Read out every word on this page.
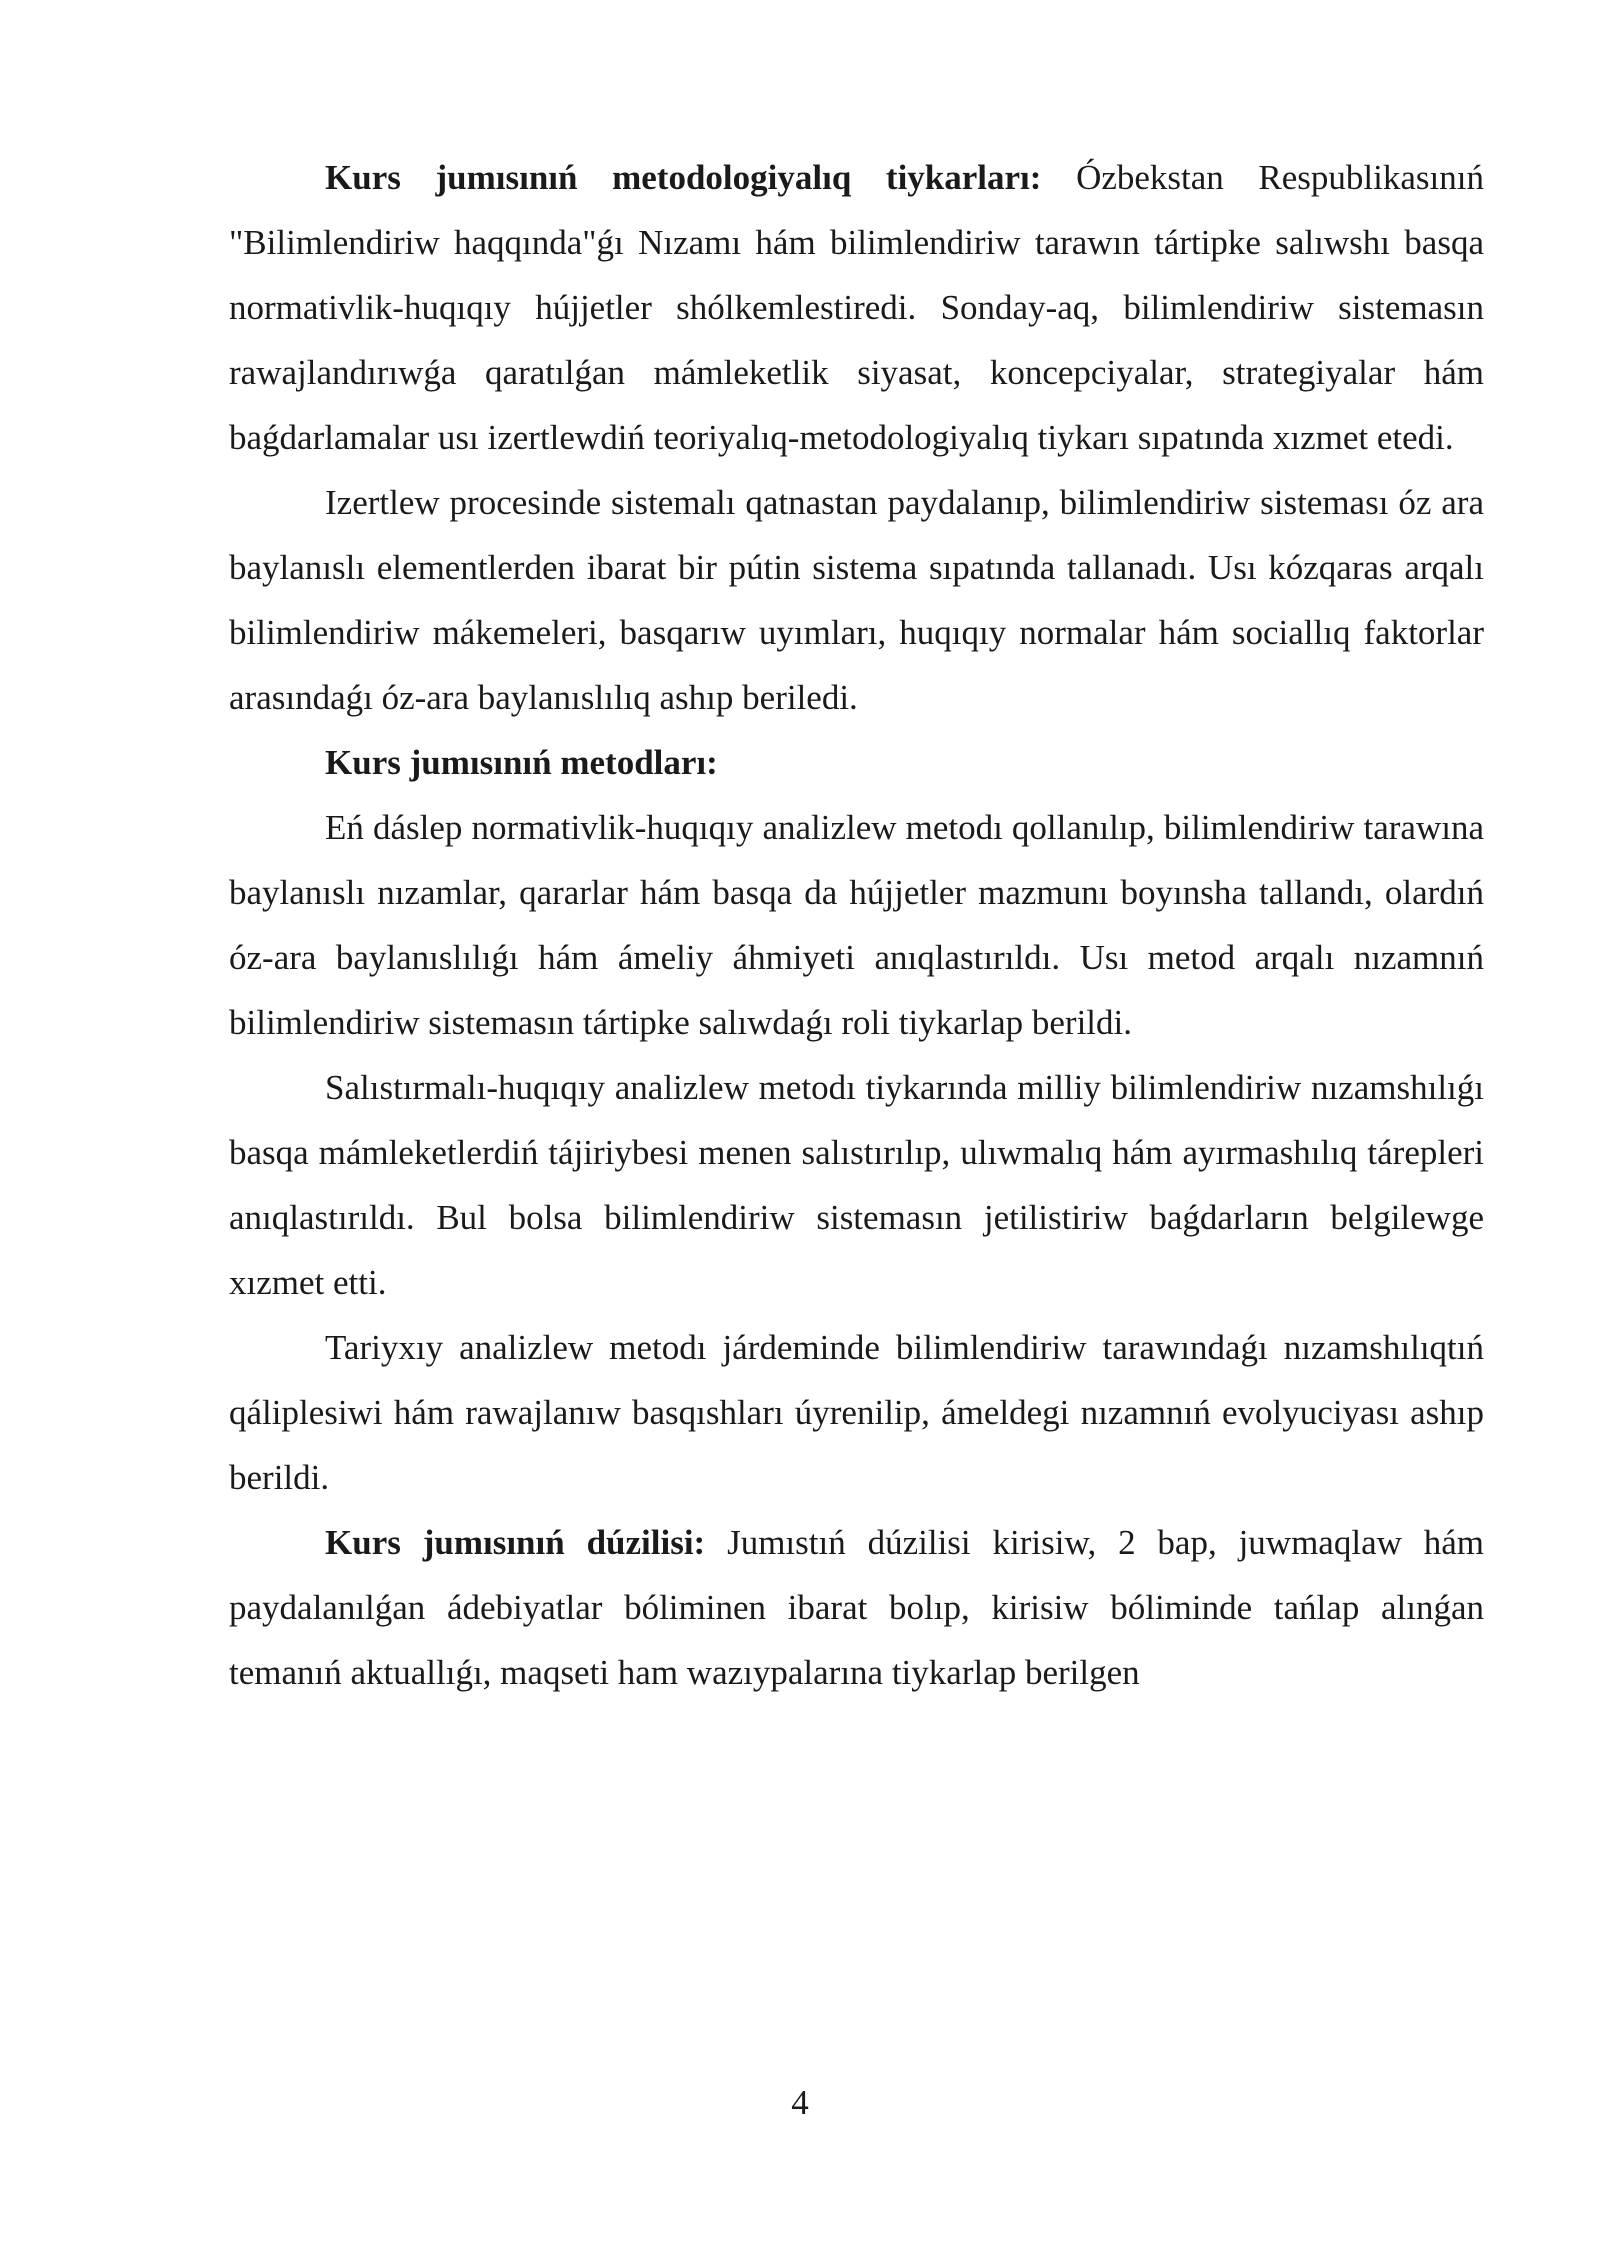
Kurs jumısınıń metodologiyalıq tiykarları: Ózbekstan Respublikasınıń "Bilimlendiriw haqqında"ǵı Nızamı hám bilimlendiriw tarawın tártipke salıwshı basqa normativlik-huqıqıy hújjetler shólkemlestiredi. Sonday-aq, bilimlendiriw sistemasın rawajlandırıwǵa qaratılǵan mámleketlik siyasat, koncepciyalar, strategiyalar hám baǵdarlamalar usı izertlewdiń teoriyalıq-metodologiyalıq tiykarı sıpatında xızmet etedi.

Izertlew procesinde sistemalı qatnastan paydalanıp, bilimlendiriw sisteması óz ara baylanıslı elementlerden ibarat bir pútin sistema sıpatında tallanadı. Usı kózqaras arqalı bilimlendiriw mákemeleri, basqarıw uyımları, huqıqıy normalar hám sociallıq faktorlar arasındaǵı óz-ara baylanıslılıq ashıp beriledi.

Kurs jumısınıń metodları:

Eń dáslep normativlik-huqıqıy analizlew metodı qollanılıp, bilimlendiriw tarawına baylanıslı nızamlar, qararlar hám basqa da hújjetler mazmunı boyınsha tallandı, olardıń óz-ara baylanıslılıǵı hám ámeliy áhmiyeti anıqlastırıldı. Usı metod arqalı nızamnıń bilimlendiriw sistemasın tártipke salıwdaǵı roli tiykarlap berildi.

Salıstırmalı-huqıqıy analizlew metodı tiykarında milliy bilimlendiriw nızamshılıǵı basqa mámleketlerdiń tájiriybesi menen salıstırılıp, ulıwmalıq hám ayırmashılıq tárepleri anıqlastırıldı. Bul bolsa bilimlendiriw sistemasın jetilistiriw baǵdarların belgilewge xızmet etti.

Tariyxıy analizlew metodı járdeminde bilimlendiriw tarawındaǵı nızamshılıqtıń qáliplesiwi hám rawajlanıw basqıshları úyrenilip, ámeldegi nızamnıń evolyuciyası ashıp berildi.

Kurs jumısınıń dúzilisi: Jumıstıń dúzilisi kirisiw, 2 bap, juwmaqlaw hám paydalanılǵan ádebiyatlar bóliminen ibarat bolıp, kirisiw bóliminde tańlap alınǵan temanıń aktuallıǵı, maqseti ham wazıypalarına tiykarlap berilgen

4
